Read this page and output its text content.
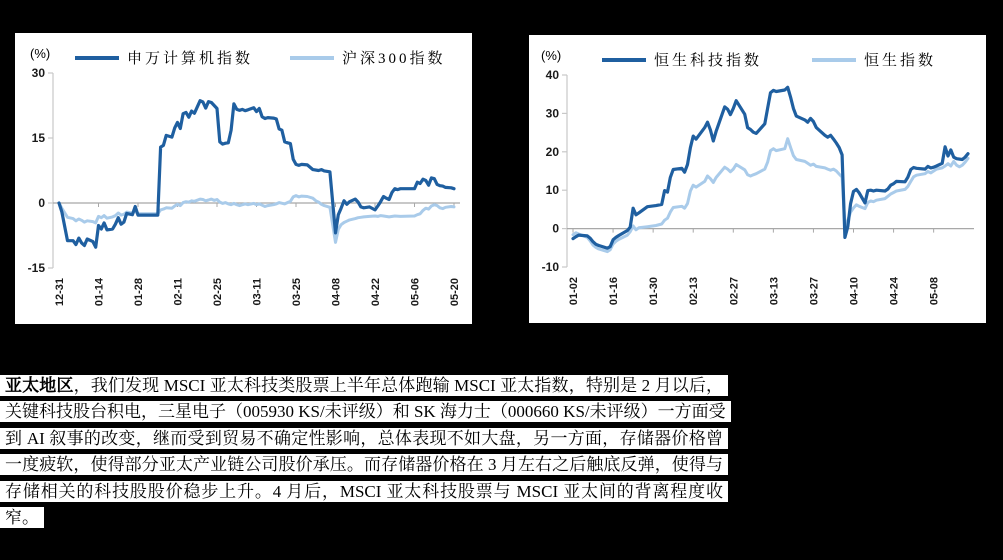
(%)	申万计算机指数	沪深300指数
30
15
0
-15
12-31	01-14	01-28	02-11	02-25	03-11	03-25	04-08	04-22	05-06	05-20
(%)	恒生科技指数	恒生指数
40
30
20
10
0
-10
01-02	01-16	01-30	02-13	02-27	03-13	03-27	04-10	04-24	05-08
亚太地区，我们发现 MSCI 亚太科技类股票上半年总体跑输 MSCI 亚太指数，特别是 2 月以后，关键科技股台积电，三星电子（005930 KS/未评级）和 SK 海力士（000660 KS/未评级）一方面受到 AI 叙事的改变，继而受到贸易不确定性影响，总体表现不如大盘，另一方面，存储器价格曾一度疲软，使得部分亚太产业链公司股价承压。而存储器价格在 3 月左右之后触底反弹，使得与存储相关的科技股股价稳步上升。4 月后，MSCI 亚太科技股票与 MSCI 亚太间的背离程度收窄。
